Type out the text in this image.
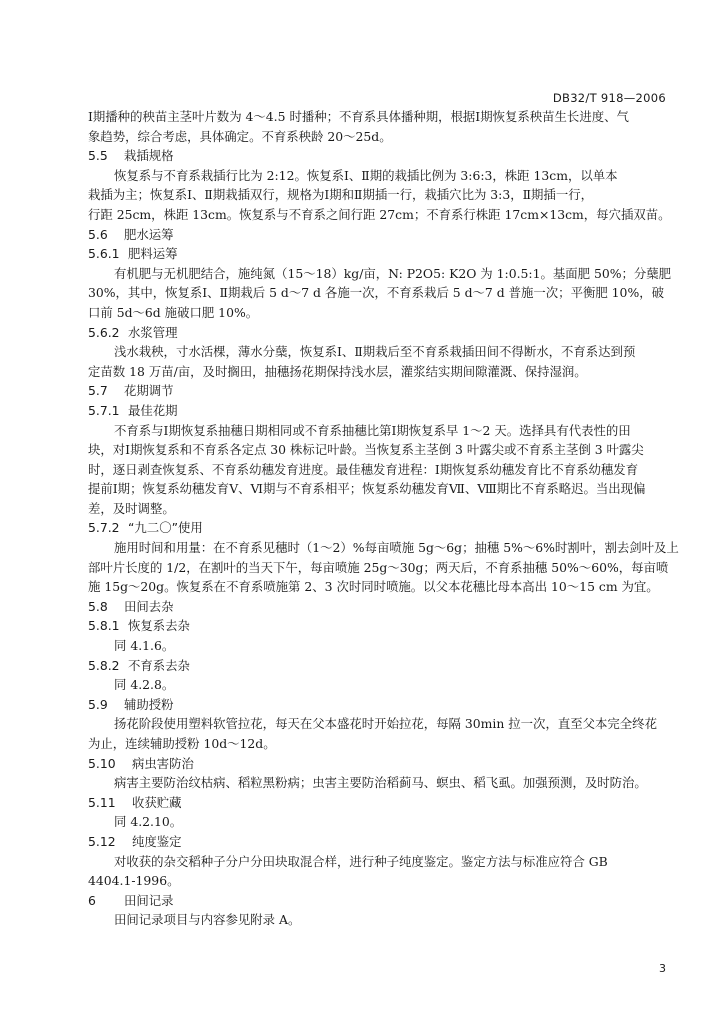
DB32/T 918—2006
Ⅰ期播种的秧苗主茎叶片数为 4～4.5 时播种；不育系具体播种期，根据Ⅰ期恢复系秧苗生长进度、气
象趋势，综合考虑，具体确定。不育系秧龄 20～25d。
5.5 栽插规格
恢复系与不育系栽插行比为 2:12。恢复系Ⅰ、Ⅱ期的栽插比例为 3:6:3，株距 13cm，以单本
栽插为主；恢复系Ⅰ、Ⅱ期栽插双行，规格为Ⅰ期和Ⅱ期插一行，栽插穴比为 3:3，Ⅱ期插一行，
行距 25cm，株距 13cm。恢复系与不育系之间行距 27cm；不育系行株距 17cm×13cm，每穴插双苗。
5.6 肥水运筹
5.6.1 肥料运筹
有机肥与无机肥结合，施纯氮（15～18）kg/亩，N: P2O5: K2O 为 1:0.5:1。基面肥 50%；分蘖肥
30%，其中，恢复系Ⅰ、Ⅱ期栽后 5 d～7 d 各施一次，不育系栽后 5 d～7 d 普施一次；平衡肥 10%，破
口前 5d～6d 施破口肥 10%。
5.6.2 水浆管理
浅水栽秧，寸水活棵，薄水分蘖，恢复系Ⅰ、Ⅱ期栽后至不育系栽插田间不得断水，不育系达到预
定苗数 18 万苗/亩，及时搁田，抽穗扬花期保持浅水层，灌浆结实期间隙灌溉、保持湿润。
5.7 花期调节
5.7.1 最佳花期
不育系与Ⅰ期恢复系抽穗日期相同或不育系抽穗比第Ⅰ期恢复系早 1～2 天。选择具有代表性的田
块，对Ⅰ期恢复系和不育系各定点 30 株标记叶龄。当恢复系主茎倒 3 叶露尖或不育系主茎倒 3 叶露尖
时，逐日剥查恢复系、不育系幼穗发育进度。最佳穗发育进程：Ⅰ期恢复系幼穗发育比不育系幼穗发育
提前Ⅰ期；恢复系幼穗发育Ⅴ、Ⅵ期与不育系相平；恢复系幼穗发育Ⅶ、Ⅷ期比不育系略迟。当出现偏
差，及时调整。
5.7.2 “九二〇”使用
施用时间和用量：在不育系见穗时（1～2）%每亩喷施 5g～6g；抽穗 5%～6%时割叶，割去剑叶及上
部叶片长度的 1/2，在割叶的当天下午，每亩喷施 25g～30g；两天后，不育系抽穗 50%～60%，每亩喷
施 15g～20g。恢复系在不育系喷施第 2、3 次时同时喷施。以父本花穗比母本高出 10～15 cm 为宜。
5.8 田间去杂
5.8.1 恢复系去杂
同 4.1.6。
5.8.2 不育系去杂
同 4.2.8。
5.9 辅助授粉
扬花阶段使用塑料软管拉花，每天在父本盛花时开始拉花，每隔 30min 拉一次，直至父本完全终花
为止，连续辅助授粉 10d～12d。
5.10 病虫害防治
病害主要防治纹枯病、稻粒黑粉病；虫害主要防治稻蓟马、螟虫、稻飞虱。加强预测，及时防治。
5.11 收获贮藏
同 4.2.10。
5.12 纯度鉴定
对收获的杂交稻种子分户分田块取混合样，进行种子纯度鉴定。鉴定方法与标准应符合 GB
4404.1-1996。
6 田间记录
田间记录项目与内容参见附录 A。
3
